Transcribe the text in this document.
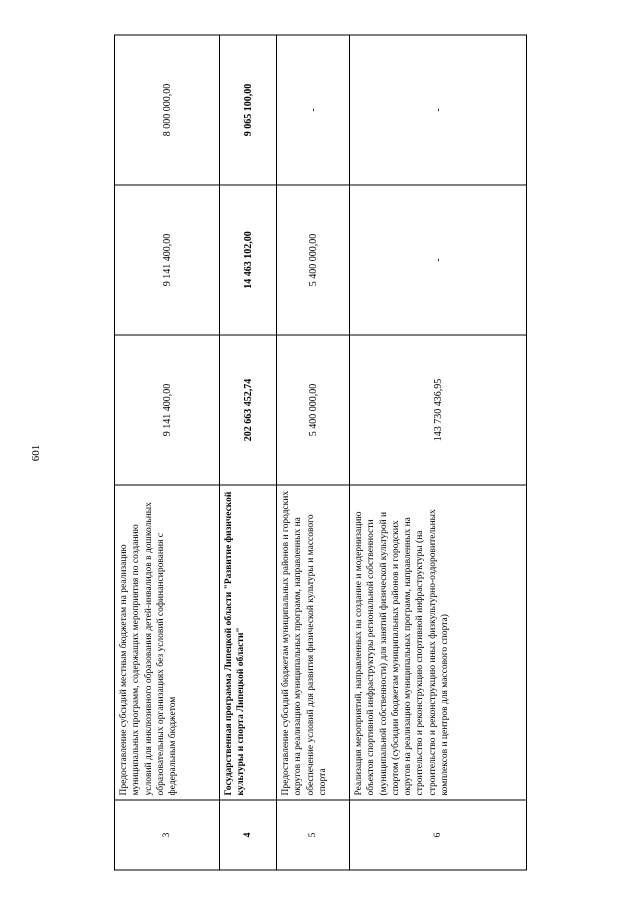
601
3	Предоставление субсидий местным бюджетам на реализацию муниципальных программ, содержащих мероприятия по созданию условий для инклюзивного образования детей-инвалидов в дошкольных образовательных организациях без условий софинансирования с федеральным бюджетом	9 141 400,00	9 141 400,00	8 000 000,00
4	Государственная программа Липецкой области "Развитие физической культуры и спорта Липецкой области"	202 663 452,74	14 463 102,00	9 065 100,00
5	Предоставление субсидий бюджетам муниципальных районов и городских округов на реализацию муниципальных программ, направленных на обеспечение условий для развития физической культуры и массового спорта	5 400 000,00	5 400 000,00	-
6	Реализация мероприятий, направленных на создание и модернизацию объектов спортивной инфраструктуры региональной собственности (муниципальной собственности) для занятий физической культурой и спортом (субсидии бюджетам муниципальных районов и городских округов на реализацию муниципальных программ, направленных на строительство и реконструкцию спортивной инфраструктуры (на строительство и реконструкцию иных физкультурно-оздоровительных комплексов и центров для массового спорта)	143 730 436,95	-	-
